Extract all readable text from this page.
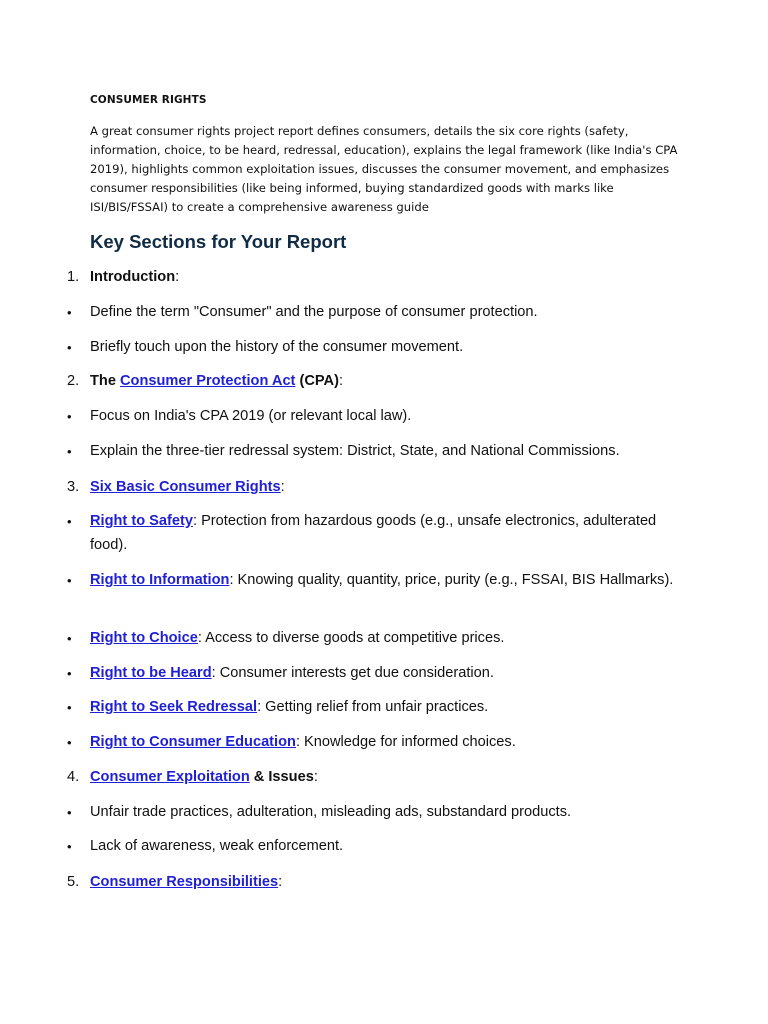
CONSUMER RIGHTS
A great consumer rights project report defines consumers, details the six core rights (safety, information, choice, to be heard, redressal, education), explains the legal framework (like India's CPA 2019), highlights common exploitation issues, discusses the consumer movement, and emphasizes consumer responsibilities (like being informed, buying standardized goods with marks like ISI/BIS/FSSAI) to create a comprehensive awareness guide
Key Sections for Your Report
1. Introduction:
•	Define the term "Consumer" and the purpose of consumer protection.
•	Briefly touch upon the history of the consumer movement.
2. The Consumer Protection Act (CPA):
•	Focus on India's CPA 2019 (or relevant local law).
•	Explain the three-tier redressal system: District, State, and National Commissions.
3. Six Basic Consumer Rights:
•	Right to Safety: Protection from hazardous goods (e.g., unsafe electronics, adulterated food).
•	Right to Information: Knowing quality, quantity, price, purity (e.g., FSSAI, BIS Hallmarks).
•	Right to Choice: Access to diverse goods at competitive prices.
•	Right to be Heard: Consumer interests get due consideration.
•	Right to Seek Redressal: Getting relief from unfair practices.
•	Right to Consumer Education: Knowledge for informed choices.
4. Consumer Exploitation & Issues:
•	Unfair trade practices, adulteration, misleading ads, substandard products.
•	Lack of awareness, weak enforcement.
5. Consumer Responsibilities:
